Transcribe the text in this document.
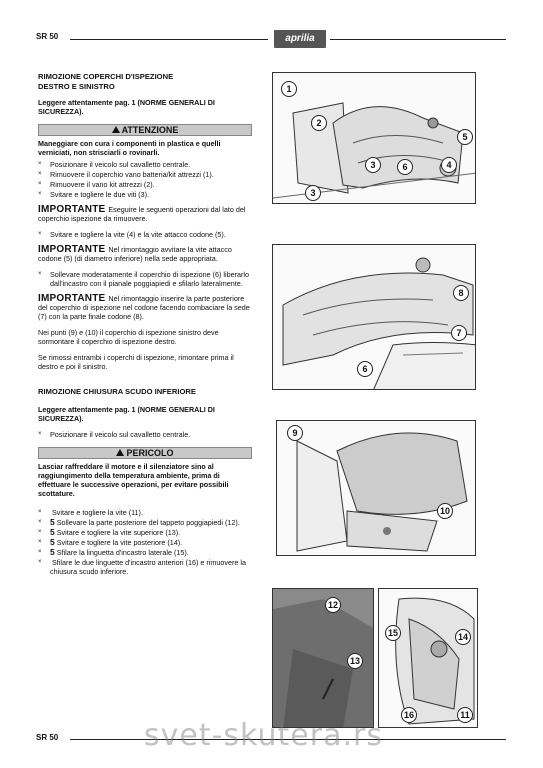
SR 50	aprilia

RIMOZIONE COPERCHI D'ISPEZIONE
DESTRO E SINISTRO

Leggere attentamente pag. 1 (NORME GENERALI DI SICUREZZA).

ATTENZIONE

Maneggiare con cura i componenti in plastica e quelli verniciati, non strisciarli o rovinarli.

× Posizionare il veicolo sul cavalletto centrale.
× Rimuovere il coperchio vano batteria/kit attrezzi (1).
× Rimuovere il vano kit attrezzi (2).
× Svitare e togliere le due viti (3).

IMPORTANTE Eseguire le seguenti operazioni dal lato del coperchio ispezione da rimuovere.

× Svitare e togliere la vite (4) e la vite attacco codone (5).

IMPORTANTE Nel rimontaggio avvitare la vite attacco codone (5) (di diametro inferiore) nella sede appropriata.

× Sollevare moderatamente il coperchio di ispezione (6) liberarlo dall'incastro con il pianale poggiapiedi e sfilarlo lateralmente.

IMPORTANTE Nel rimontaggio inserire la parte posteriore del coperchio di ispezione nel codone facendo combaciare la sede (7) con la parte finale codone (8).

Nei punti (9) e (10) il coperchio di ispezione sinistro deve sormontare il coperchio di ispezione destro.

Se rimossi entrambi i coperchi di ispezione, rimontare prima il destro e poi il sinistro.

RIMOZIONE CHIUSURA SCUDO INFERIORE

Leggere attentamente pag. 1 (NORME GENERALI DI SICUREZZA).

× Posizionare il veicolo sul cavalletto centrale.
PERICOLO

Lasciar raffreddare il motore e il silenziatore sino al raggiungimento della temperatura ambiente, prima di effettuare le successive operazioni, per evitare possibili scottature.

× Svitare e togliere la vite (11).
× 5 Sollevare la parte posteriore del tappeto poggiapiedi (12).
× 5 Svitare e togliere la vite superiore (13).
× 5 Svitare e togliere la vite posteriore (14).
× 5 Sfilare la linguetta d'incastro laterale (15).
× Sfilare le due linguette d'incastro anteriori (16) e rimuovere la chiusura scudo inferiore.
1
2
3	6
3
4
5
8
7
6
9
10
12
13
15	14
16	11
SR 50	svet-skutera.rs
